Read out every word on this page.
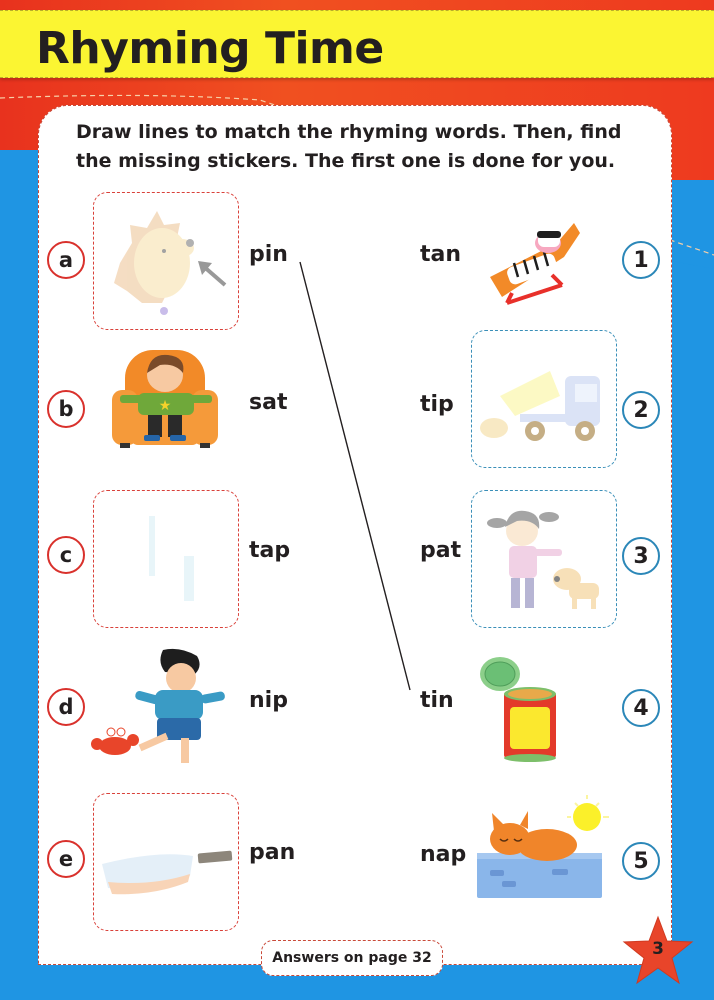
Rhyming Time
Draw lines to match the rhyming words. Then, find the missing stickers. The first one is done for you.
a	pin
b	★	sat
c	tap
d	nip
e	pan
tan	1
tip	2
pat	3
tin	4
nap	5
Answers on page 32	3
